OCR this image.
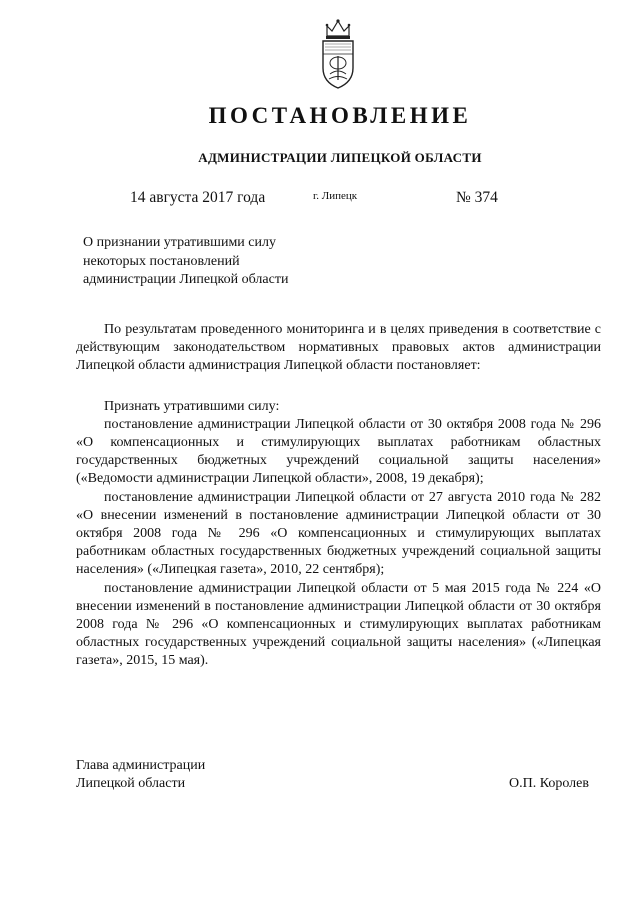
ПОСТАНОВЛЕНИЕ
АДМИНИСТРАЦИИ ЛИПЕЦКОЙ ОБЛАСТИ
14 августа 2017 года	г. Липецк	№ 374
О признании утратившими силу
некоторых постановлений
администрации Липецкой области

По результатам проведенного мониторинга и в целях приведения в соответствие с действующим законодательством нормативных правовых актов администрации Липецкой области администрация Липецкой области постановляет:

Признать утратившими силу:

постановление администрации Липецкой области от 30 октября 2008 года № 296 «О компенсационных и стимулирующих выплатах работникам областных государственных бюджетных учреждений социальной защиты населения» («Ведомости администрации Липецкой области», 2008, 19 декабря);

постановление администрации Липецкой области от 27 августа 2010 года № 282 «О внесении изменений в постановление администрации Липецкой области от 30 октября 2008 года № 296 «О компенсационных и стимулирующих выплатах работникам областных государственных бюджетных учреждений социальной защиты населения» («Липецкая газета», 2010, 22 сентября);

постановление администрации Липецкой области от 5 мая 2015 года № 224 «О внесении изменений в постановление администрации Липецкой области от 30 октября 2008 года № 296 «О компенсационных и стимулирующих выплатах работникам областных государственных учреждений социальной защиты населения» («Липецкая газета», 2015, 15 мая).

Глава администрации
Липецкой области	О.П. Королев
